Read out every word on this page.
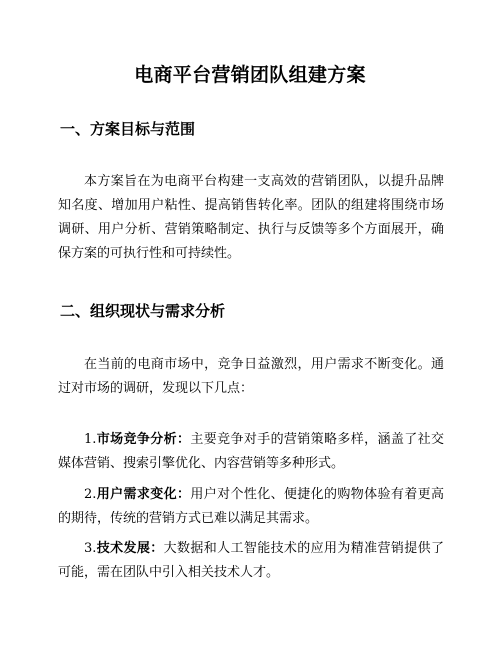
电商平台营销团队组建方案
一、方案目标与范围

本方案旨在为电商平台构建一支高效的营销团队，以提升品牌知名度、增加用户粘性、提高销售转化率。团队的组建将围绕市场调研、用户分析、营销策略制定、执行与反馈等多个方面展开，确保方案的可执行性和可持续性。

二、组织现状与需求分析

在当前的电商市场中，竞争日益激烈，用户需求不断变化。通过对市场的调研，发现以下几点：

1.市场竞争分析：主要竞争对手的营销策略多样，涵盖了社交媒体营销、搜索引擎优化、内容营销等多种形式。

2.用户需求变化：用户对个性化、便捷化的购物体验有着更高的期待，传统的营销方式已难以满足其需求。

3.技术发展：大数据和人工智能技术的应用为精准营销提供了可能，需在团队中引入相关技术人才。
